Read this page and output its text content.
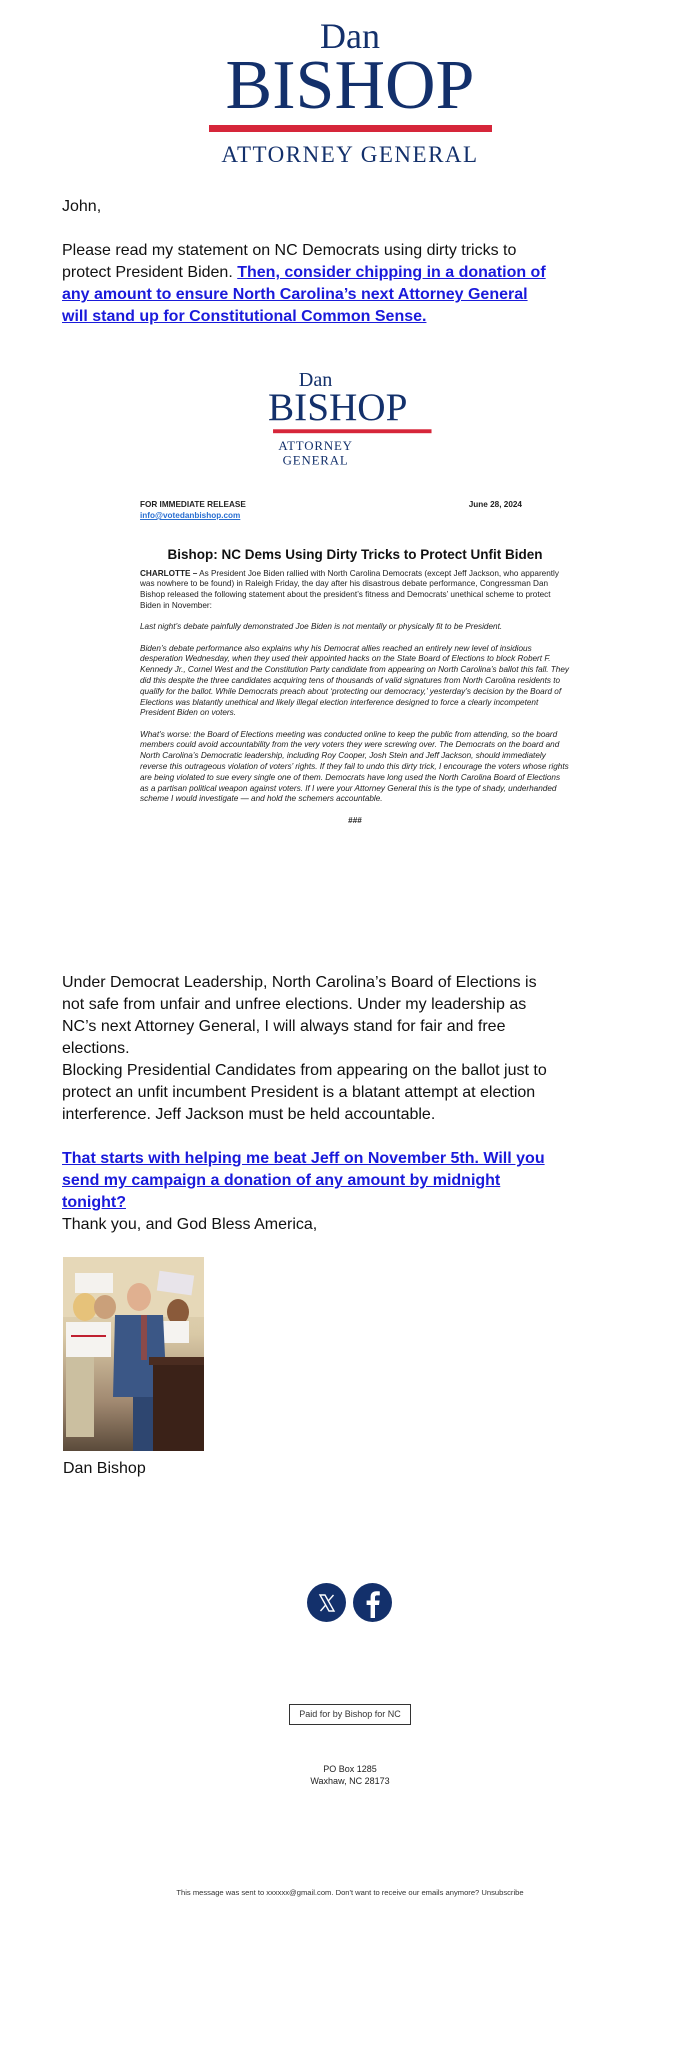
Dan
BISHOP
ATTORNEY GENERAL
John,

Please read my statement on NC Democrats using dirty tricks to protect President Biden. Then, consider chipping in a donation of any amount to ensure North Carolina’s next Attorney General will stand up for Constitutional Common Sense.

Dan
BISHOP
ATTORNEY GENERAL
FOR IMMEDIATE RELEASE	June 28, 2024
info@votedanbishop.com
Bishop: NC Dems Using Dirty Tricks to Protect Unfit Biden

CHARLOTTE – As President Joe Biden rallied with North Carolina Democrats (except Jeff Jackson, who apparently was nowhere to be found) in Raleigh Friday, the day after his disastrous debate performance, Congressman Dan Bishop released the following statement about the president’s fitness and Democrats’ unethical scheme to protect Biden in November:

Last night’s debate painfully demonstrated Joe Biden is not mentally or physically fit to be President.

Biden’s debate performance also explains why his Democrat allies reached an entirely new level of insidious desperation Wednesday, when they used their appointed hacks on the State Board of Elections to block Robert F. Kennedy Jr., Cornel West and the Constitution Party candidate from appearing on North Carolina’s ballot this fall. They did this despite the three candidates acquiring tens of thousands of valid signatures from North Carolina residents to qualify for the ballot. While Democrats preach about ‘protecting our democracy,’ yesterday’s decision by the Board of Elections was blatantly unethical and likely illegal election interference designed to force a clearly incompetent President Biden on voters.

What’s worse: the Board of Elections meeting was conducted online to keep the public from attending, so the board members could avoid accountability from the very voters they were screwing over. The Democrats on the board and North Carolina’s Democratic leadership, including Roy Cooper, Josh Stein and Jeff Jackson, should immediately reverse this outrageous violation of voters’ rights. If they fail to undo this dirty trick, I encourage the voters whose rights are being violated to sue every single one of them. Democrats have long used the North Carolina Board of Elections as a partisan political weapon against voters. If I were your Attorney General this is the type of shady, underhanded scheme I would investigate — and hold the schemers accountable.

###
Under Democrat Leadership, North Carolina’s Board of Elections is not safe from unfair and unfree elections. Under my leadership as NC’s next Attorney General, I will always stand for fair and free elections.
Blocking Presidential Candidates from appearing on the ballot just to protect an unfit incumbent President is a blatant attempt at election interference. Jeff Jackson must be held accountable.
That starts with helping me beat Jeff on November 5th. Will you send my campaign a donation of any amount by midnight tonight?
Thank you, and God Bless America,
Dan Bishop
Paid for by Bishop for NC
PO Box 1285
Waxhaw, NC 28173
This message was sent to xxxxxx@gmail.com. Don't want to receive our emails anymore? Unsubscribe
